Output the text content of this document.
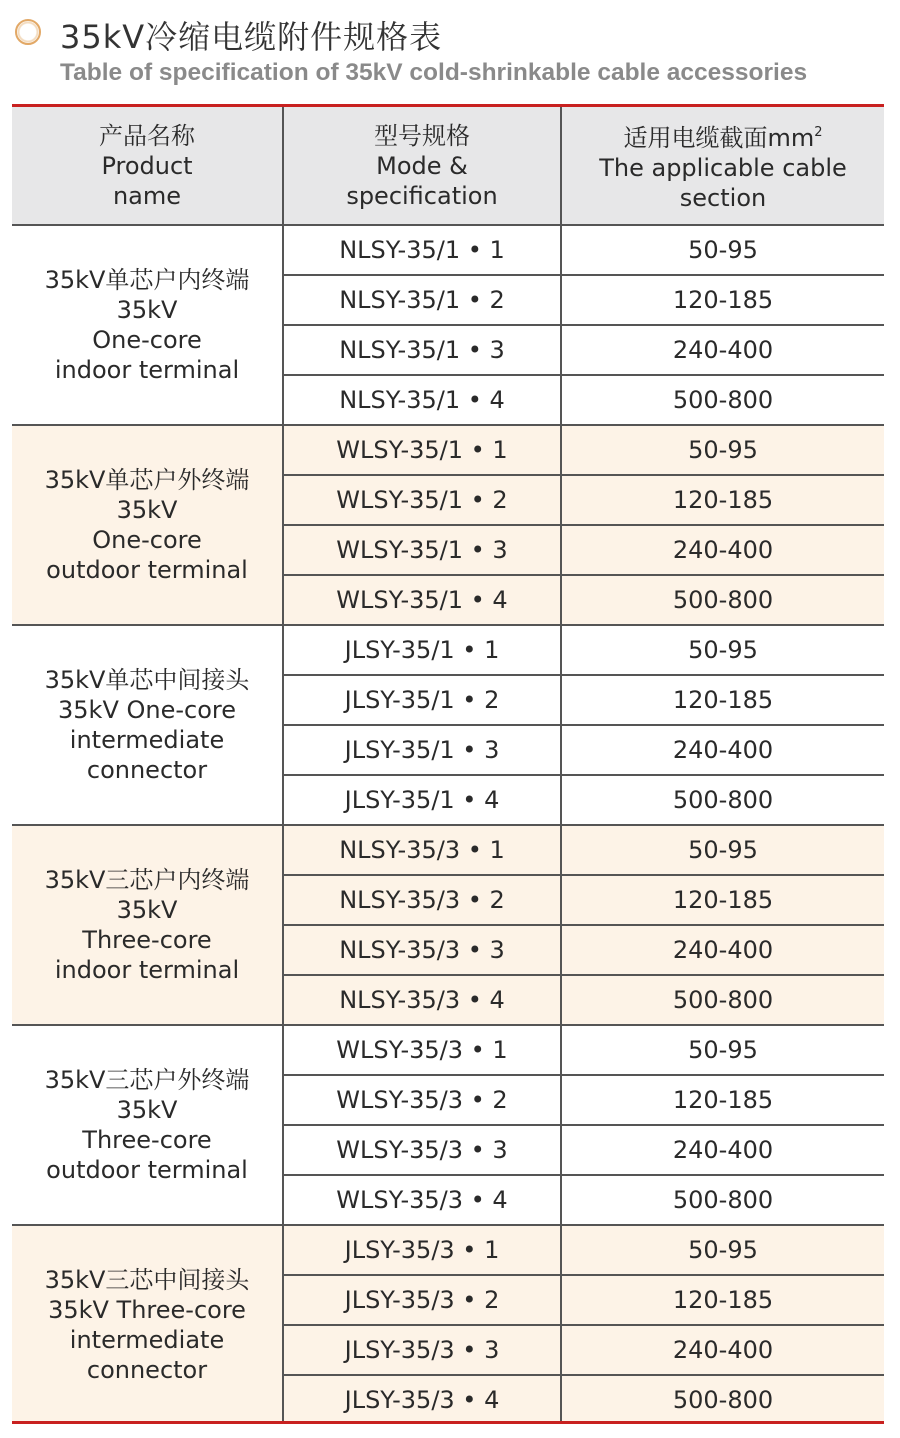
35kV冷缩电缆附件规格表
Table of specification of 35kV cold-shrinkable cable accessories
产品名称
Product
name	型号规格
Mode &
specification	适用电缆截面$mm^2$
The applicable cable
section

35kV单芯户内终端
35kV
One-core
indoor terminal	NLSY-35/1 • 1	50-95
	NLSY-35/1 • 2	120-185
	NLSY-35/1 • 3	240-400
	NLSY-35/1 • 4	500-800

35kV单芯户外终端
35kV
One-core
outdoor terminal	WLSY-35/1 • 1	50-95
	WLSY-35/1 • 2	120-185
	WLSY-35/1 • 3	240-400
	WLSY-35/1 • 4	500-800

35kV单芯中间接头
35kV One-core
intermediate
connector	JLSY-35/1 • 1	50-95
	JLSY-35/1 • 2	120-185
	JLSY-35/1 • 3	240-400
	JLSY-35/1 • 4	500-800

35kV三芯户内终端
35kV
Three-core
indoor terminal	NLSY-35/3 • 1	50-95
	NLSY-35/3 • 2	120-185
	NLSY-35/3 • 3	240-400
	NLSY-35/3 • 4	500-800

35kV三芯户外终端
35kV
Three-core
outdoor terminal	WLSY-35/3 • 1	50-95
	WLSY-35/3 • 2	120-185
	WLSY-35/3 • 3	240-400
	WLSY-35/3 • 4	500-800

35kV三芯中间接头
35kV Three-core
intermediate
connector	JLSY-35/3 • 1	50-95
	JLSY-35/3 • 2	120-185
	JLSY-35/3 • 3	240-400
	JLSY-35/3 • 4	500-800
